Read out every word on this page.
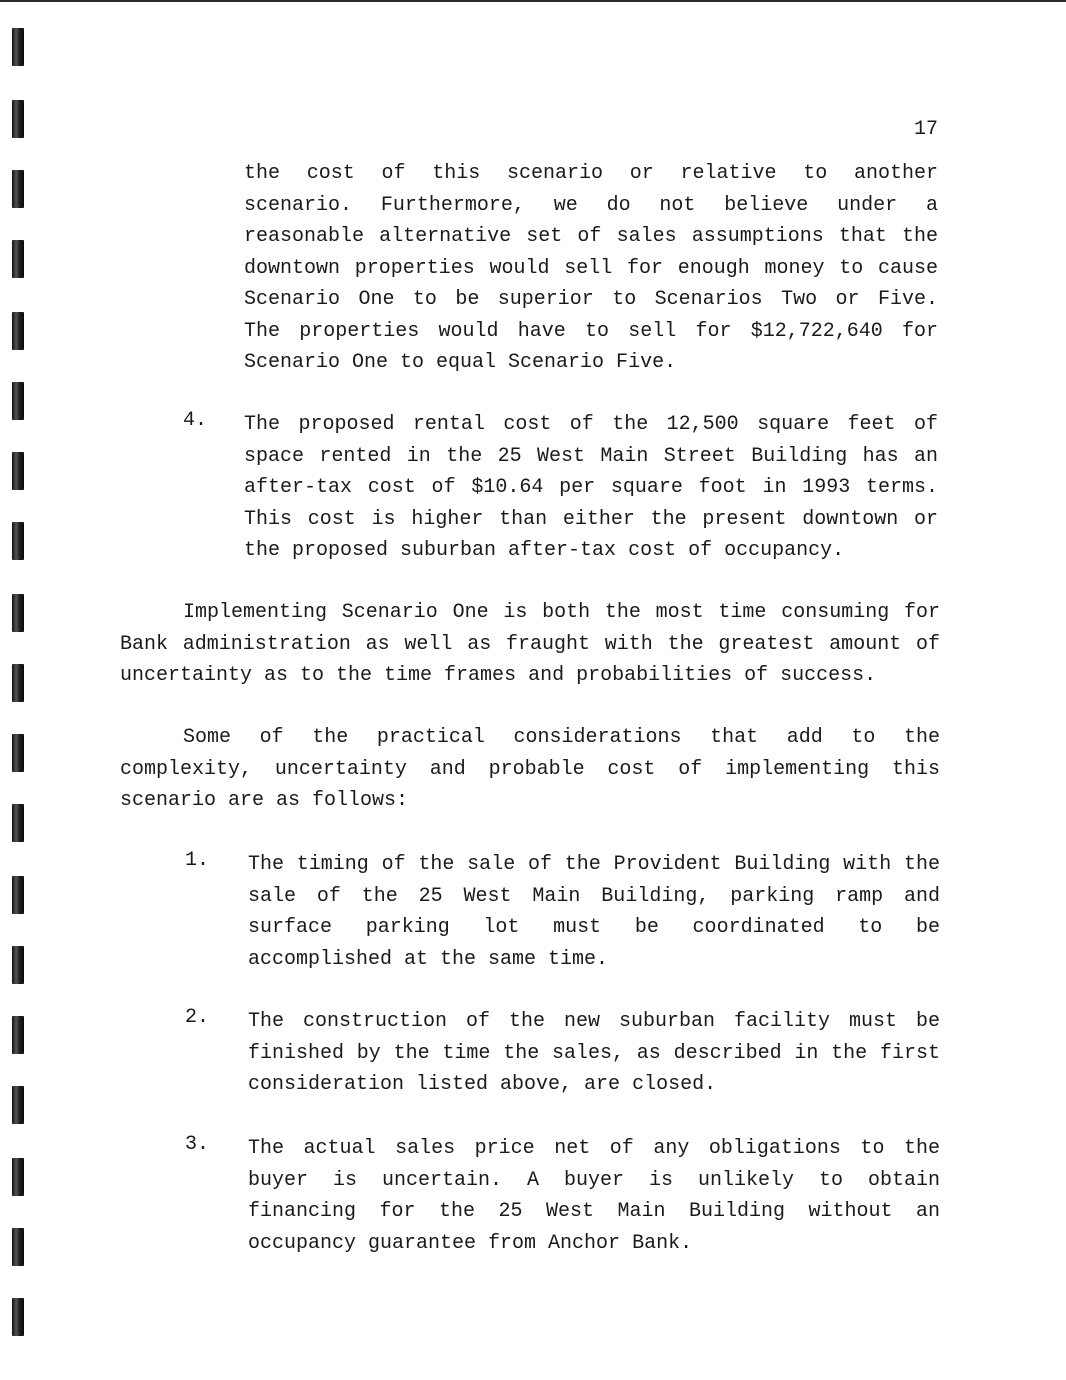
17
the cost of this scenario or relative to another
scenario. Furthermore, we do not believe under a
reasonable alternative set of sales assumptions that the
downtown properties would sell for enough money to cause
Scenario One to be superior to Scenarios Two or Five.
The properties would have to sell for $12,722,640 for
Scenario One to equal Scenario Five.
4. The proposed rental cost of the 12,500 square feet of
space rented in the 25 West Main Street Building has an
after-tax cost of $10.64 per square foot in 1993 terms.
This cost is higher than either the present downtown or
the proposed suburban after-tax cost of occupancy.
Implementing Scenario One is both the most time consuming for
Bank administration as well as fraught with the greatest amount of
uncertainty as to the time frames and probabilities of success.
Some of the practical considerations that add to the
complexity, uncertainty and probable cost of implementing this
scenario are as follows:
1. The timing of the sale of the Provident Building with the
sale of the 25 West Main Building, parking ramp and
surface parking lot must be coordinated to be
accomplished at the same time.
2. The construction of the new suburban facility must be
finished by the time the sales, as described in the first
consideration listed above, are closed.
3. The actual sales price net of any obligations to the
buyer is uncertain. A buyer is unlikely to obtain
financing for the 25 West Main Building without an
occupancy guarantee from Anchor Bank.
